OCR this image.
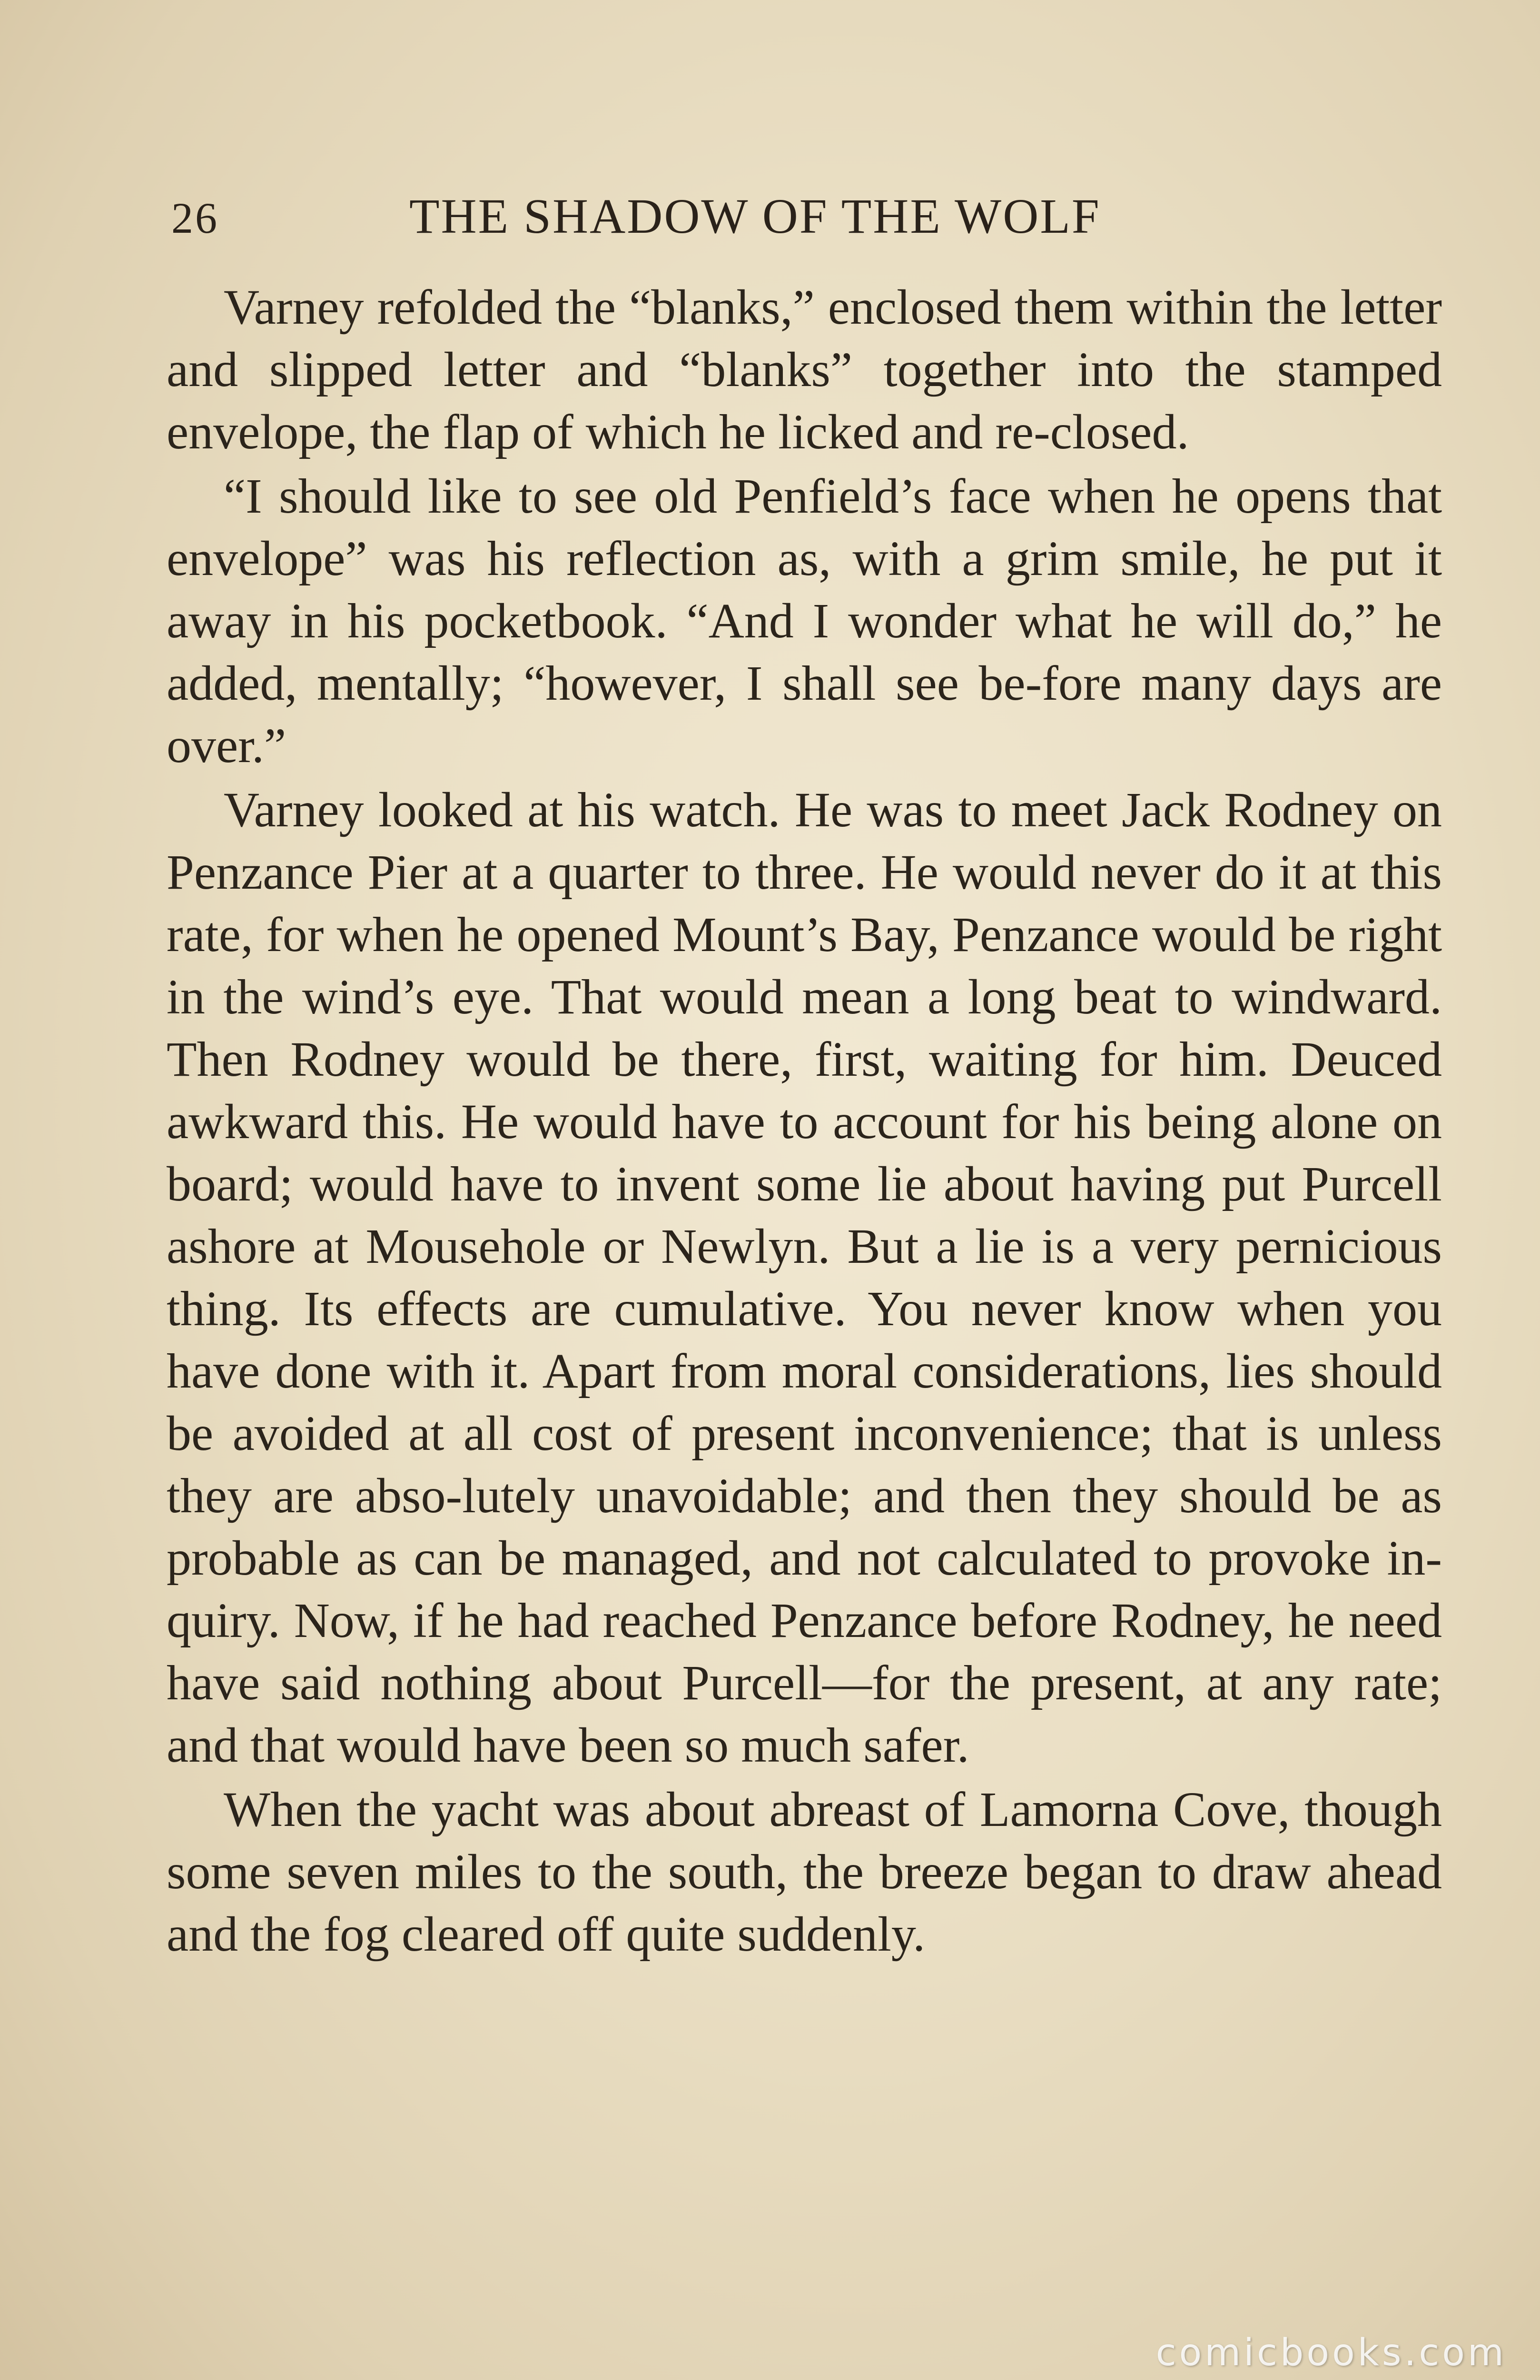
26	THE SHADOW OF THE WOLF

Varney refolded the “blanks,” enclosed them within the letter and slipped letter and “blanks” together into the stamped envelope, the flap of which he licked and re-closed.

“I should like to see old Penfield’s face when he opens that envelope” was his reflection as, with a grim smile, he put it away in his pocketbook. “And I wonder what he will do,” he added, mentally; “however, I shall see be-fore many days are over.”

Varney looked at his watch. He was to meet Jack Rodney on Penzance Pier at a quarter to three. He would never do it at this rate, for when he opened Mount’s Bay, Penzance would be right in the wind’s eye. That would mean a long beat to windward. Then Rodney would be there, first, waiting for him. Deuced awkward this. He would have to account for his being alone on board; would have to invent some lie about having put Purcell ashore at Mousehole or Newlyn. But a lie is a very pernicious thing. Its effects are cumulative. You never know when you have done with it. Apart from moral considerations, lies should be avoided at all cost of present inconvenience; that is unless they are abso-lutely unavoidable; and then they should be as probable as can be managed, and not calculated to provoke in-quiry. Now, if he had reached Penzance before Rodney, he need have said nothing about Purcell—for the present, at any rate; and that would have been so much safer.

When the yacht was about abreast of Lamorna Cove, though some seven miles to the south, the breeze began to draw ahead and the fog cleared off quite suddenly.

comicbooks.com
